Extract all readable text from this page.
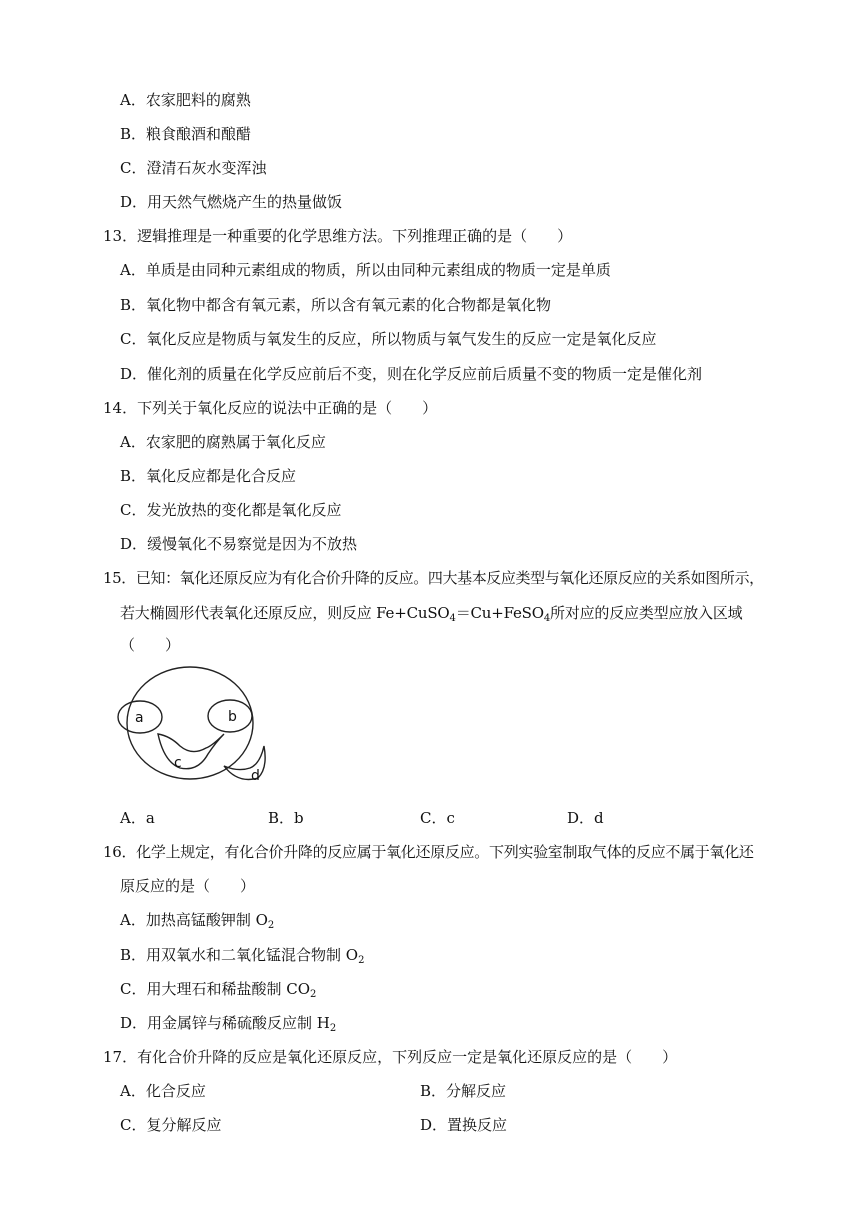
A．农家肥料的腐熟
B．粮食酿酒和酿醋
C．澄清石灰水变浑浊
D．用天然气燃烧产生的热量做饭
13．逻辑推理是一种重要的化学思维方法。下列推理正确的是（　　）
A．单质是由同种元素组成的物质，所以由同种元素组成的物质一定是单质
B．氧化物中都含有氧元素，所以含有氧元素的化合物都是氧化物
C．氧化反应是物质与氧发生的反应，所以物质与氧气发生的反应一定是氧化反应
D．催化剂的质量在化学反应前后不变，则在化学反应前后质量不变的物质一定是催化剂
14．下列关于氧化反应的说法中正确的是（　　）
A．农家肥的腐熟属于氧化反应
B．氧化反应都是化合反应
C．发光放热的变化都是氧化反应
D．缓慢氧化不易察觉是因为不放热
15．已知：氧化还原反应为有化合价升降的反应。四大基本反应类型与氧化还原反应的关系如图所示，
若大椭圆形代表氧化还原反应，则反应 Fe+CuSO$_4$＝Cu+FeSO$_4$所对应的反应类型应放入区域
（　　）
a	b
c
d
A．a	B．b	C．c	D．d
16．化学上规定，有化合价升降的反应属于氧化还原反应。下列实验室制取气体的反应不属于氧化还
原反应的是（　　）
A．加热高锰酸钾制 $O_2$
B．用双氧水和二氧化锰混合物制 $O_2$
C．用大理石和稀盐酸制 $CO_2$
D．用金属锌与稀硫酸反应制 $H_2$
17．有化合价升降的反应是氧化还原反应，下列反应一定是氧化还原反应的是（　　）
A．化合反应	B．分解反应
C．复分解反应	D．置换反应
